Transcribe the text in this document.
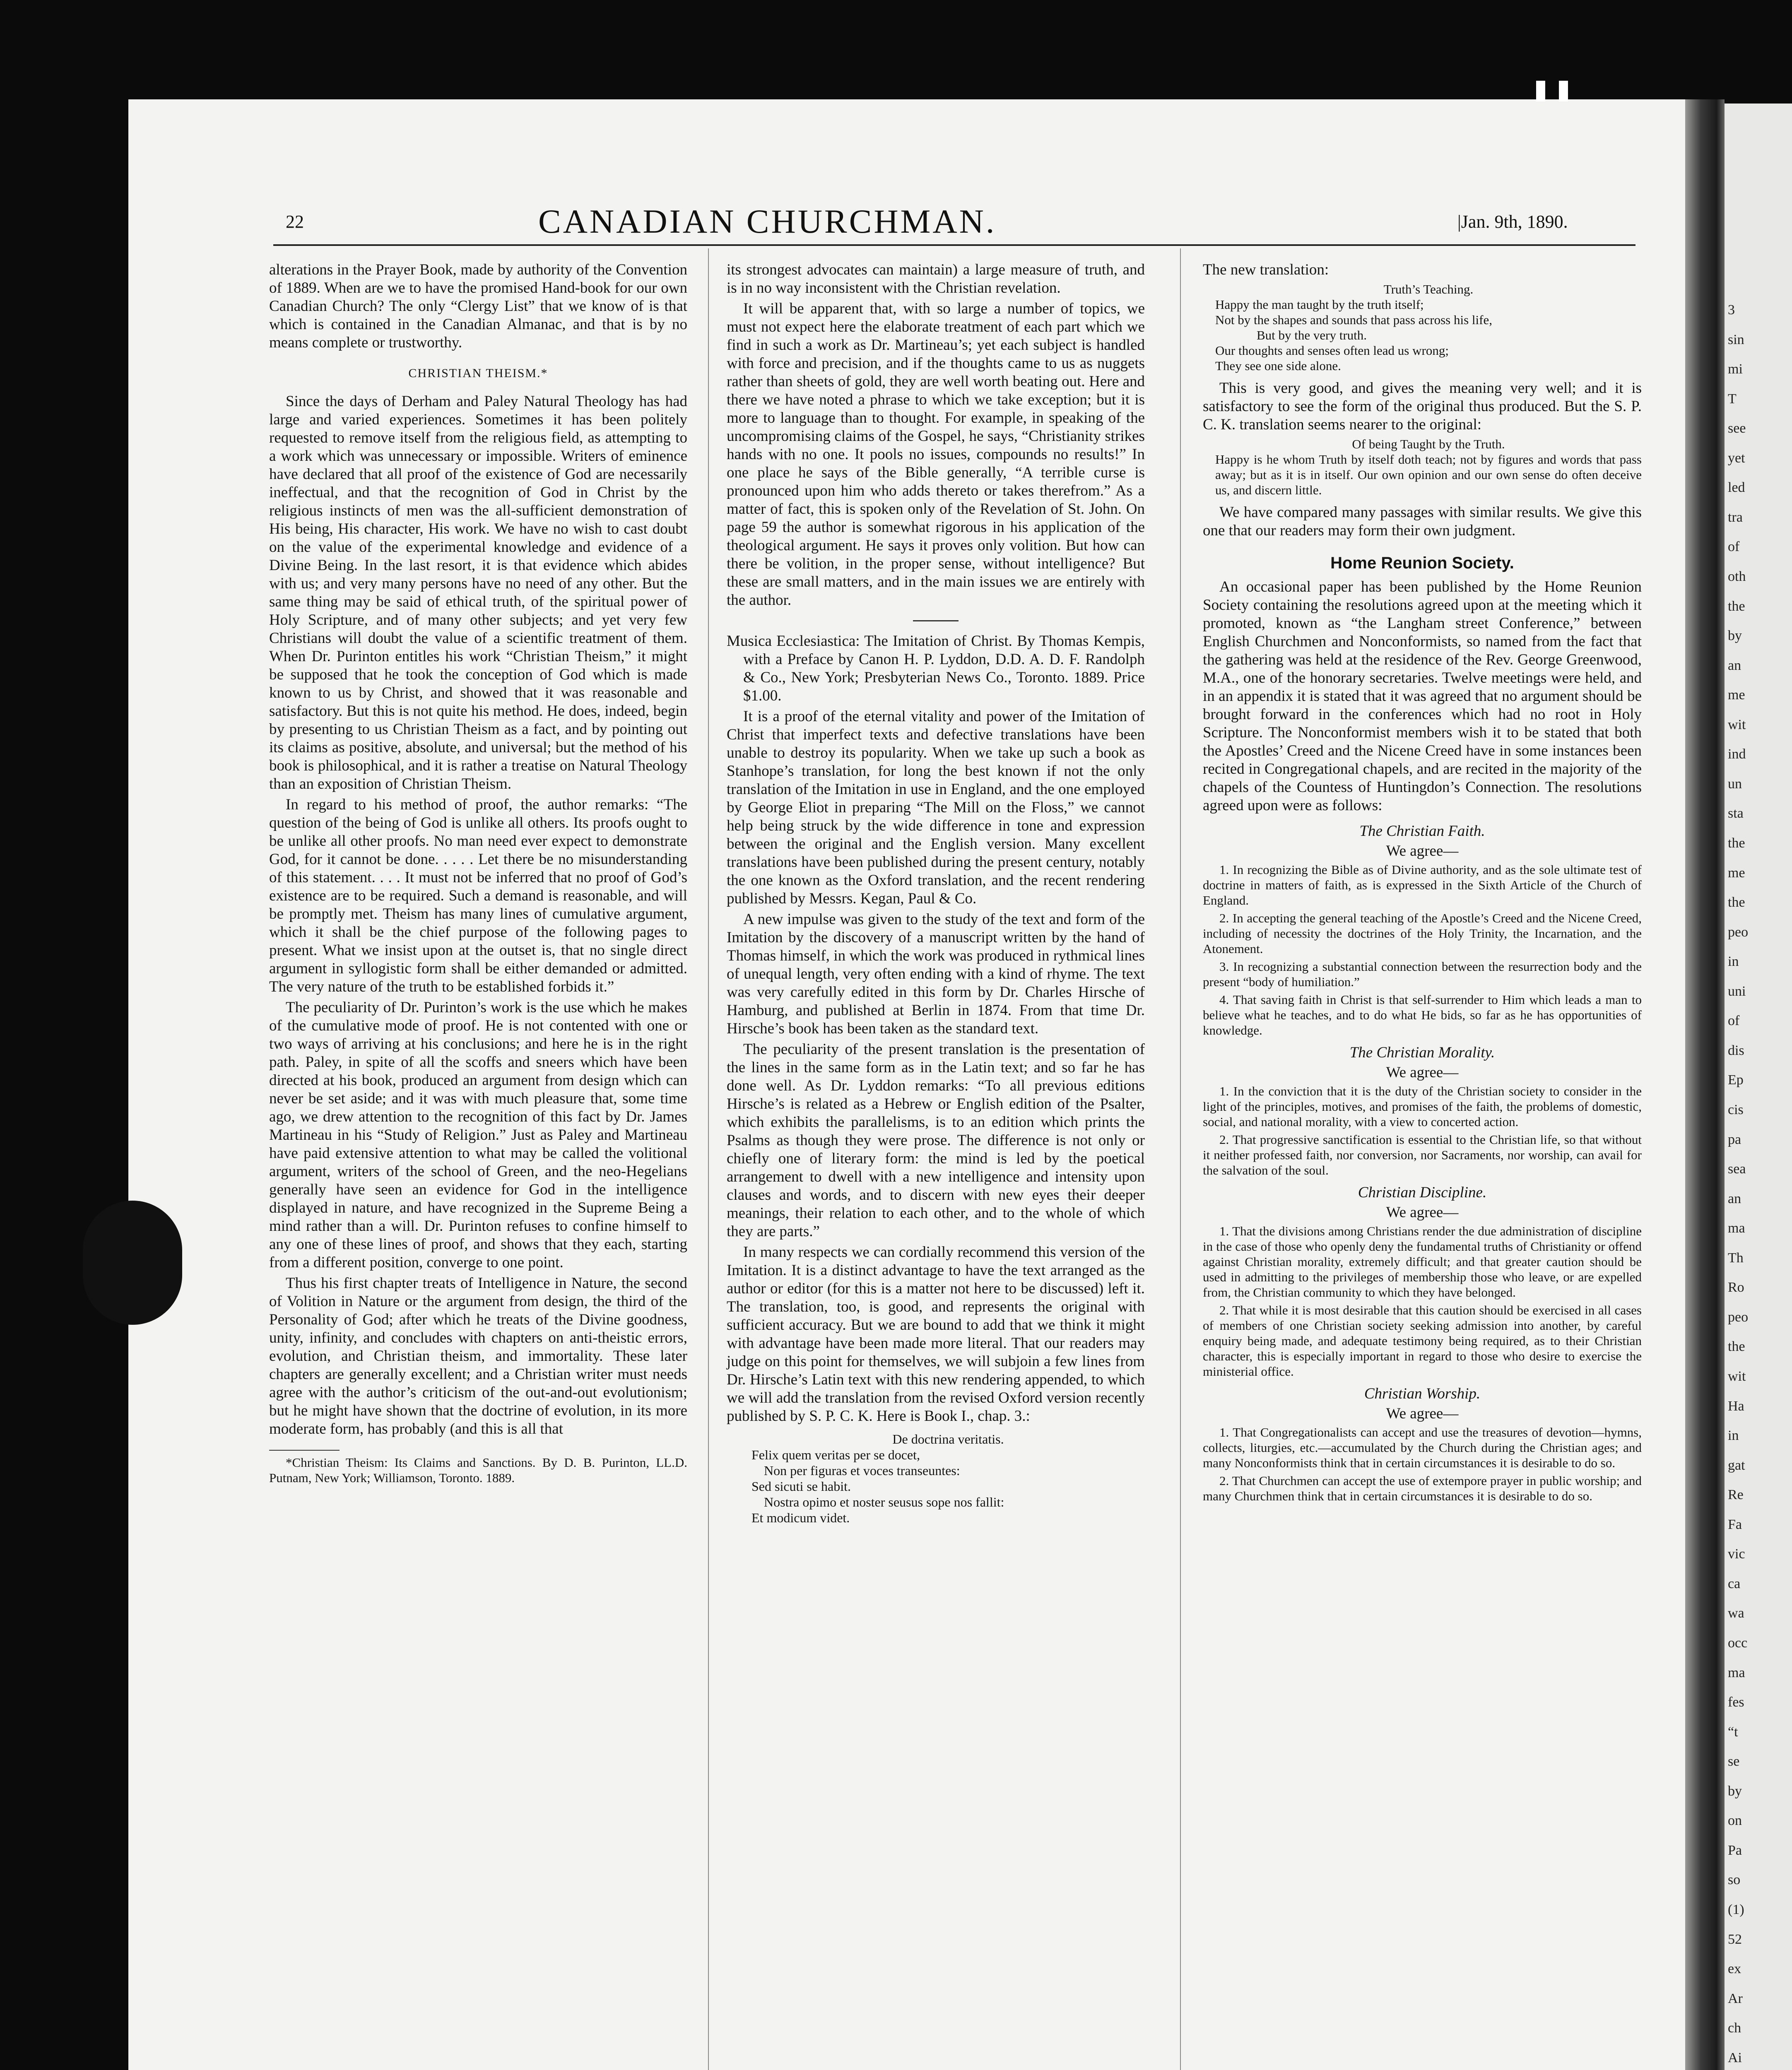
3
sin
mi
T
see
yet
led
tra
of
oth
the
by
an
me
wit
ind
un
sta
the
me
the
peo
in
uni
of
dis
Ep
cis
pa
sea
an
ma
Th
Ro
peo
the
wit
Ha
in
gat
Re
Fa
vic
ca
wa
occ
ma
fes
“t
se
by
on
Pa
so
(1)
52
ex
Ar
ch
Ai
22	CANADIAN CHURCHMAN.	|Jan. 9th, 1890.

alterations in the Prayer Book, made by authority of the Convention of 1889. When are we to have the promised Hand-book for our own Canadian Church? The only “Clergy List” that we know of is that which is contained in the Canadian Almanac, and that is by no means complete or trustworthy.

CHRISTIAN THEISM.*

Since the days of Derham and Paley Natural Theology has had large and varied experiences. Sometimes it has been politely requested to remove itself from the religious field, as attempting to a work which was unnecessary or impossible. Writers of eminence have declared that all proof of the existence of God are necessarily ineffectual, and that the recognition of God in Christ by the religious instincts of men was the all-sufficient demonstration of His being, His character, His work. We have no wish to cast doubt on the value of the experimental knowledge and evidence of a Divine Being. In the last resort, it is that evidence which abides with us; and very many persons have no need of any other. But the same thing may be said of ethical truth, of the spiritual power of Holy Scripture, and of many other subjects; and yet very few Christians will doubt the value of a scientific treatment of them. When Dr. Purinton entitles his work “Christian Theism,” it might be supposed that he took the conception of God which is made known to us by Christ, and showed that it was reasonable and satisfactory. But this is not quite his method. He does, indeed, begin by presenting to us Christian Theism as a fact, and by pointing out its claims as positive, absolute, and universal; but the method of his book is philosophical, and it is rather a treatise on Natural Theology than an exposition of Christian Theism.

In regard to his method of proof, the author remarks: “The question of the being of God is unlike all others. Its proofs ought to be unlike all other proofs. No man need ever expect to demonstrate God, for it cannot be done. . . . . Let there be no misunderstanding of this statement. . . . It must not be inferred that no proof of God’s existence are to be required. Such a demand is reasonable, and will be promptly met. Theism has many lines of cumulative argument, which it shall be the chief purpose of the following pages to present. What we insist upon at the outset is, that no single direct argument in syllogistic form shall be either demanded or admitted. The very nature of the truth to be established forbids it.”

The peculiarity of Dr. Purinton’s work is the use which he makes of the cumulative mode of proof. He is not contented with one or two ways of arriving at his conclusions; and here he is in the right path. Paley, in spite of all the scoffs and sneers which have been directed at his book, produced an argument from design which can never be set aside; and it was with much pleasure that, some time ago, we drew attention to the recognition of this fact by Dr. James Martineau in his “Study of Religion.” Just as Paley and Martineau have paid extensive attention to what may be called the volitional argument, writers of the school of Green, and the neo-Hegelians generally have seen an evidence for God in the intelligence displayed in nature, and have recognized in the Supreme Being a mind rather than a will. Dr. Purinton refuses to confine himself to any one of these lines of proof, and shows that they each, starting from a different position, converge to one point.

Thus his first chapter treats of Intelligence in Nature, the second of Volition in Nature or the argument from design, the third of the Personality of God; after which he treats of the Divine goodness, unity, infinity, and concludes with chapters on anti-theistic errors, evolution, and Christian theism, and immortality. These later chapters are generally excellent; and a Christian writer must needs agree with the author’s criticism of the out-and-out evolutionism; but he might have shown that the doctrine of evolution, in its more moderate form, has probably (and this is all that

*Christian Theism: Its Claims and Sanctions. By D. B. Purinton, LL.D. Putnam, New York; Williamson, Toronto. 1889.

its strongest advocates can maintain) a large measure of truth, and is in no way inconsistent with the Christian revelation.

It will be apparent that, with so large a number of topics, we must not expect here the elaborate treatment of each part which we find in such a work as Dr. Martineau’s; yet each subject is handled with force and precision, and if the thoughts came to us as nuggets rather than sheets of gold, they are well worth beating out. Here and there we have noted a phrase to which we take exception; but it is more to language than to thought. For example, in speaking of the uncompromising claims of the Gospel, he says, “Christianity strikes hands with no one. It pools no issues, compounds no results!” In one place he says of the Bible generally, “A terrible curse is pronounced upon him who adds thereto or takes therefrom.” As a matter of fact, this is spoken only of the Revelation of St. John. On page 59 the author is somewhat rigorous in his application of the theological argument. He says it proves only volition. But how can there be volition, in the proper sense, without intelligence? But these are small matters, and in the main issues we are entirely with the author.

Musica Ecclesiastica: The Imitation of Christ. By Thomas Kempis, with a Preface by Canon H. P. Lyddon, D.D. A. D. F. Randolph & Co., New York; Presbyterian News Co., Toronto. 1889. Price $1.00.

It is a proof of the eternal vitality and power of the Imitation of Christ that imperfect texts and defective translations have been unable to destroy its popularity. When we take up such a book as Stanhope’s translation, for long the best known if not the only translation of the Imitation in use in England, and the one employed by George Eliot in preparing “The Mill on the Floss,” we cannot help being struck by the wide difference in tone and expression between the original and the English version. Many excellent translations have been published during the present century, notably the one known as the Oxford translation, and the recent rendering published by Messrs. Kegan, Paul & Co.

A new impulse was given to the study of the text and form of the Imitation by the discovery of a manuscript written by the hand of Thomas himself, in which the work was produced in rythmical lines of unequal length, very often ending with a kind of rhyme. The text was very carefully edited in this form by Dr. Charles Hirsche of Hamburg, and published at Berlin in 1874. From that time Dr. Hirsche’s book has been taken as the standard text.

The peculiarity of the present translation is the presentation of the lines in the same form as in the Latin text; and so far he has done well. As Dr. Lyddon remarks: “To all previous editions Hirsche’s is related as a Hebrew or English edition of the Psalter, which exhibits the parallelisms, is to an edition which prints the Psalms as though they were prose. The difference is not only or chiefly one of literary form: the mind is led by the poetical arrangement to dwell with a new intelligence and intensity upon clauses and words, and to discern with new eyes their deeper meanings, their relation to each other, and to the whole of which they are parts.”

In many respects we can cordially recommend this version of the Imitation. It is a distinct advantage to have the text arranged as the author or editor (for this is a matter not here to be discussed) left it. The translation, too, is good, and represents the original with sufficient accuracy. But we are bound to add that we think it might with advantage have been made more literal. That our readers may judge on this point for themselves, we will subjoin a few lines from Dr. Hirsche’s Latin text with this new rendering appended, to which we will add the translation from the revised Oxford version recently published by S. P. C. K. Here is Book I., chap. 3.:

De doctrina veritatis.
Felix quem veritas per se docet,
Non per figuras et voces transeuntes:
Sed sicuti se habit.
Nostra opimo et noster seusus sope nos fallit:
Et modicum videt.

The new translation:

Truth’s Teaching.
Happy the man taught by the truth itself;
Not by the shapes and sounds that pass across his life,
But by the very truth.
Our thoughts and senses often lead us wrong;
They see one side alone.

This is very good, and gives the meaning very well; and it is satisfactory to see the form of the original thus produced. But the S. P. C. K. translation seems nearer to the original:

Of being Taught by the Truth.
Happy is he whom Truth by itself doth teach; not by figures and words that pass away; but as it is in itself. Our own opinion and our own sense do often deceive us, and discern little.

We have compared many passages with similar results. We give this one that our readers may form their own judgment.

Home Reunion Society.

An occasional paper has been published by the Home Reunion Society containing the resolutions agreed upon at the meeting which it promoted, known as “the Langham street Conference,” between English Churchmen and Nonconformists, so named from the fact that the gathering was held at the residence of the Rev. George Greenwood, M.A., one of the honorary secretaries. Twelve meetings were held, and in an appendix it is stated that it was agreed that no argument should be brought forward in the conferences which had no root in Holy Scripture. The Nonconformist members wish it to be stated that both the Apostles’ Creed and the Nicene Creed have in some instances been recited in Congregational chapels, and are recited in the majority of the chapels of the Countess of Huntingdon’s Connection. The resolutions agreed upon were as follows:

The Christian Faith.

We agree—

1. In recognizing the Bible as of Divine authority, and as the sole ultimate test of doctrine in matters of faith, as is expressed in the Sixth Article of the Church of England.

2. In accepting the general teaching of the Apostle’s Creed and the Nicene Creed, including of necessity the doctrines of the Holy Trinity, the Incarnation, and the Atonement.

3. In recognizing a substantial connection between the resurrection body and the present “body of humiliation.”

4. That saving faith in Christ is that self-surrender to Him which leads a man to believe what he teaches, and to do what He bids, so far as he has opportunities of knowledge.

The Christian Morality.

We agree—

1. In the conviction that it is the duty of the Christian society to consider in the light of the principles, motives, and promises of the faith, the problems of domestic, social, and national morality, with a view to concerted action.

2. That progressive sanctification is essential to the Christian life, so that without it neither professed faith, nor conversion, nor Sacraments, nor worship, can avail for the salvation of the soul.

Christian Discipline.

We agree—

1. That the divisions among Christians render the due administration of discipline in the case of those who openly deny the fundamental truths of Christianity or offend against Christian morality, extremely difficult; and that greater caution should be used in admitting to the privileges of membership those who leave, or are expelled from, the Christian community to which they have belonged.

2. That while it is most desirable that this caution should be exercised in all cases of members of one Christian society seeking admission into another, by careful enquiry being made, and adequate testimony being required, as to their Christian character, this is especially important in regard to those who desire to exercise the ministerial office.

Christian Worship.

We agree—

1. That Congregationalists can accept and use the treasures of devotion—hymns, collects, liturgies, etc.—accumulated by the Church during the Christian ages; and many Nonconformists think that in certain circumstances it is desirable to do so.

2. That Churchmen can accept the use of extempore prayer in public worship; and many Churchmen think that in certain circumstances it is desirable to do so.
